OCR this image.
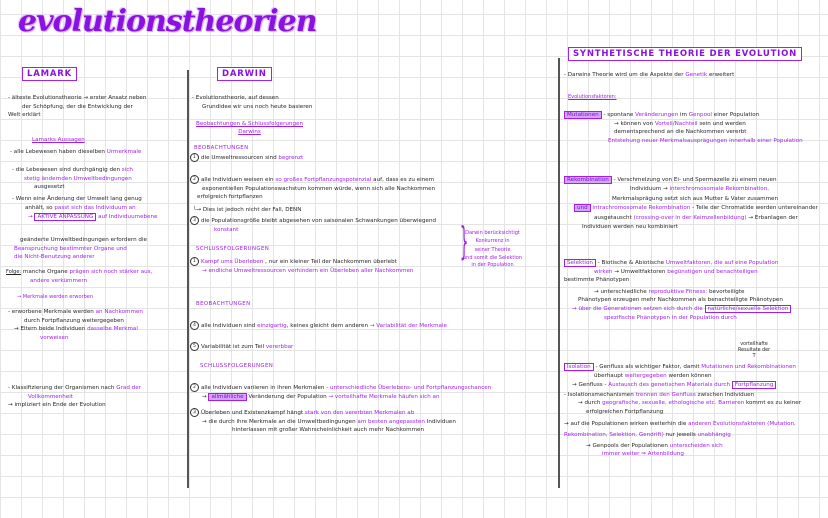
evolutionstheorien
LAMARK
- älteste Evolutionstheorie → erster Ansatz neben
der Schöpfung, der die Entwicklung der
Welt erklärt
Lamarks Aussagen
- alle Lebewesen haben dieselben Urmerkmale
- die Lebewesen sind durchgängig den sich
stetig ändernden Umweltbedingungen
ausgesetzt
- Wenn eine Änderung der Umwelt lang genug
anhält, so passt sich das Individuum an
→ AKTIVE ANPASSUNG auf Individuumebene
geänderte Umweltbedingungen erfordern die
Beanspruchung bestimmter Organe und
die Nicht-Benutzung anderer
Folge: manche Organe prägen sich noch stärker aus,
andere verkümmern
→ Merkmale werden erworben
- erworbene Merkmale werden an Nachkommen
durch Fortpflanzung weitergegeben
→ Eltern beide Individuen dasselbe Merkmal
vorweisen
- Klassifizierung der Organismen nach Grad der
Vollkommenheit
→ impliziert ein Ende der Evolution
DARWIN
- Evolutionstheorie, auf dessen
Grundidee wir uns noch heute basieren
Beobachtungen & Schlussfolgerungen
Darwins
BEOBACHTUNGEN
1 die Umweltressourcen sind begrenzt
2 alle Individuen weisen ein so großes Fortpflanzungspotenzial auf, dass es zu einem
exponentiellen Populationswachstum kommen würde, wenn sich alle Nachkommen
erfolgreich fortpflanzen
└→ Dies ist jedoch nicht der Fall, DENN
3 die Populationsgröße bleibt abgesehen von saisonalen Schwankungen überwiegend
konstant
SCHLUSSFOLGERUNGEN
1 Kampf ums Überleben , nur ein kleiner Teil der Nachkommen überlebt
→ endliche Umweltressourcen verhindern ein Überleben aller Nachkommen
}
Darwin berücksichtigt
Konkurrenz in
seiner Theorie
und somit die Selektion
in der Population
BEOBACHTUNGEN
4 alle Individuen sind einzigartig, keines gleicht dem anderen → Variabilität der Merkmale
5 Variabilität ist zum Teil vererbbar
SCHLUSSFOLGERUNGEN
2 alle Individuen variieren in ihren Merkmalen - unterschiedliche Überlebens- und Fortpflanzungschancen
→ allmähliche Veränderung der Population → vorteilhafte Merkmale häufen sich an
3 Überleben und Existenzkampf hängt stark von den vererbten Merkmalen ab
→ die durch ihre Merkmale an die Umweltbedingungen am besten angepassten Individuen
hinterlassen mit großer Wahrscheinlichkeit auch mehr Nachkommen
SYNTHETISCHE THEORIE DER EVOLUTION
- Darwins Theorie wird um die Aspekte der Genetik erweitert
Evolutionsfaktoren:
Mutationen - spontane Veränderungen im Genpool einer Population
→ können von Vorteil/Nachteil sein und werden
dementsprechend an die Nachkommen vererbt
Entstehung neuer Merkmalsausprägungen innerhalb einer Population
Rekombination - Verschmelzung von Ei- und Spermazelle zu einem neuen
Individuum → interchromosomale Rekombination,
Merkmalsprägung setzt sich aus Mutter & Vater zusammen
und intrachromosomale Rekombination - Teile der Chromatide werden untereinander
ausgetauscht (crossing-over in der Keimzellenbildung) → Erbanlagen der
Individuen werden neu kombiniert
Selektion - Biotische & Abiotische Umweltfaktoren, die auf eine Population
wirken → Umweltfaktoren begünstigen und benachteiligen
bestimmte Phänotypen
→ unterschiedliche reproduktive Fitness: bevorteiligte
Phänotypen erzeugen mehr Nachkommen als benachteiligte Phänotypen
→ über die Generationen setzen sich durch die natürliche/sexuelle Selektion
spezifische Phänotypen in der Population durch
vorteilhafte
Resultate der
T
Isolation - Genfluss als wichtiger Faktor, damit Mutationen und Rekombinationen
überhaupt weitergegeben werden können
→ Genfluss - Austausch des genetischen Materials durch Fortpflanzung
- Isolationsmechanismen trennen den Genfluss zwischen Individuen
→ durch geografische, sexuelle, ethologische etc. Barrieren kommt es zu keiner
erfolgreichen Fortpflanzung
→ auf die Populationen wirken weiterhin die anderen Evolutionsfaktoren (Mutation,
Rekombination, Selektion, Gendrift) nur jeweils unabhängig
→ Genpools der Populationen unterscheiden sich
immer weiter ⇒ Artenbildung
